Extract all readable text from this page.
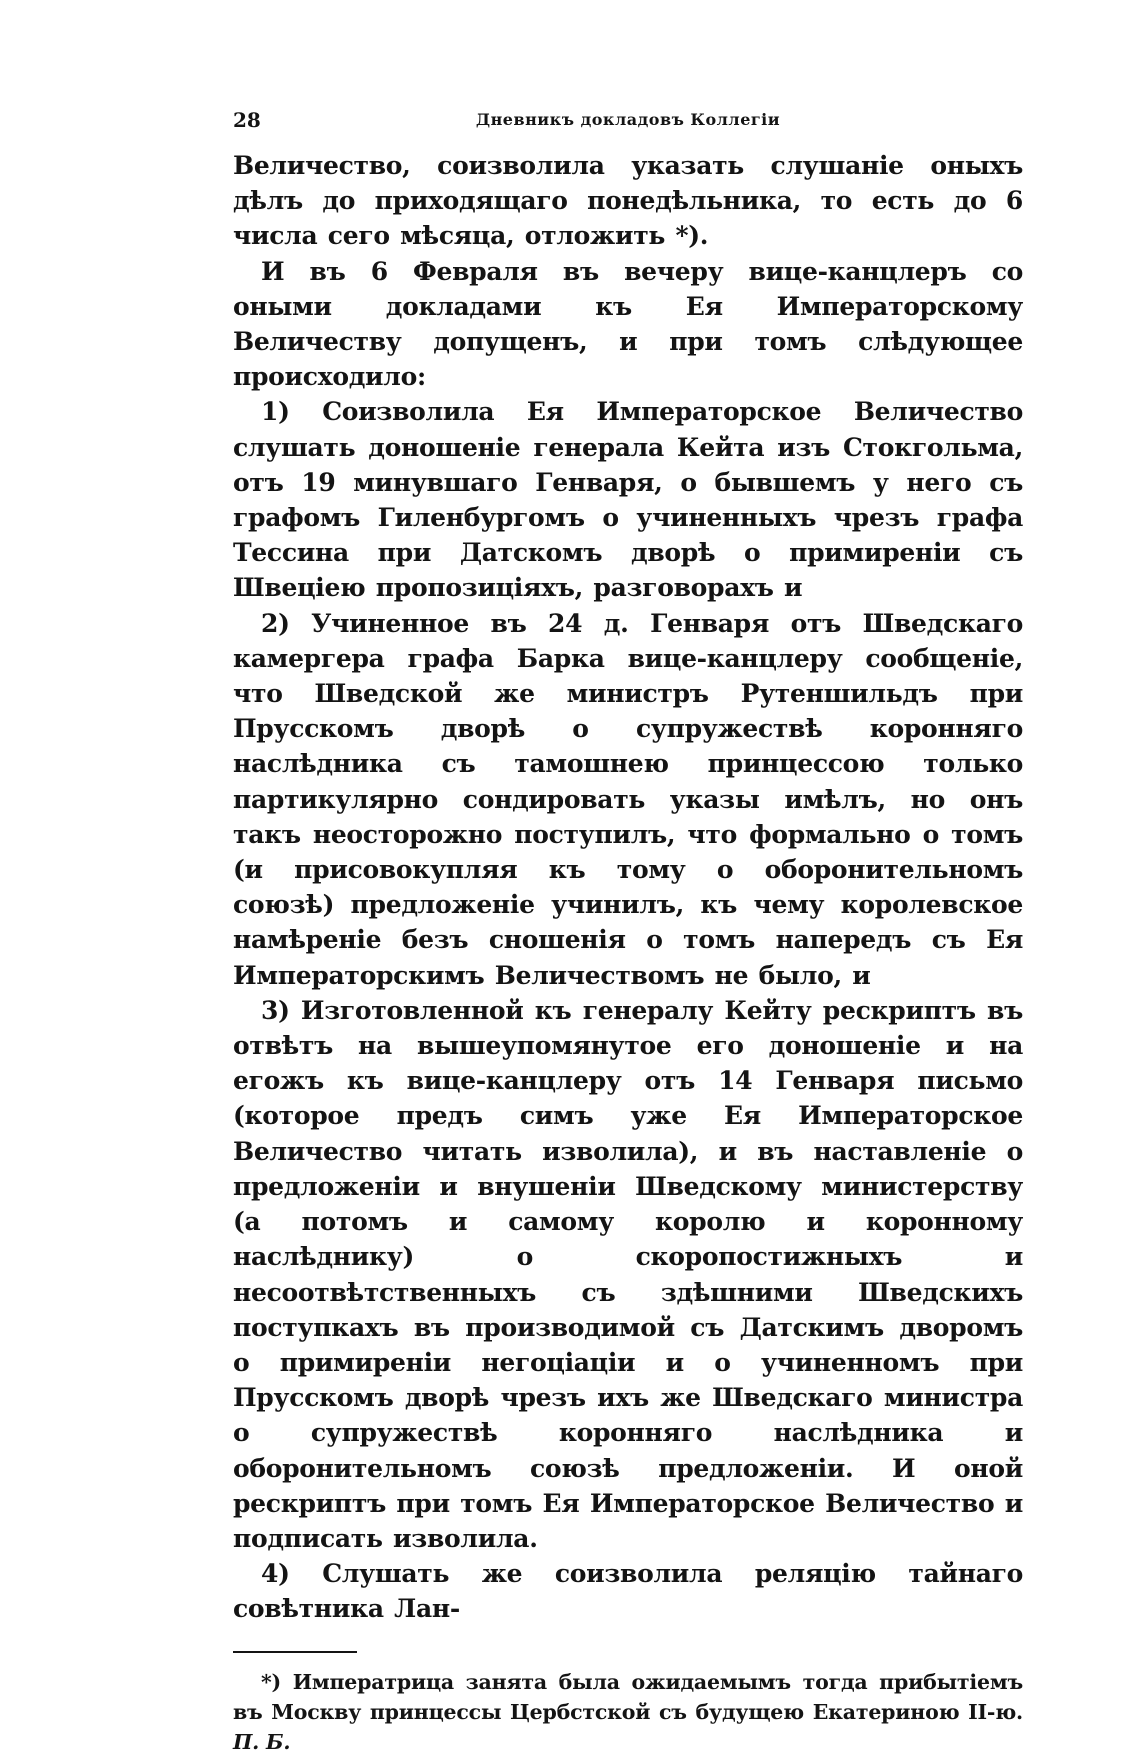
28	Дневникъ докладовъ Коллегіи

Величество, соизволила указать слушаніе оныхъ дѣлъ до приходящаго понедѣльника, то есть до 6 числа сего мѣсяца, отложить *).

И въ 6 Февраля въ вечеру вице-канцлеръ со оными докладами къ Ея Императорскому Величеству допущенъ, и при томъ слѣдующее происходило:

1) Соизволила Ея Императорское Величество слушать доношеніе генерала Кейта изъ Стокгольма, отъ 19 минувшаго Генваря, о бывшемъ у него съ графомъ Гиленбургомъ о учиненныхъ чрезъ графа Тессина при Датскомъ дворѣ о примиреніи съ Швеціею пропозиціяхъ, разговорахъ и

2) Учиненное въ 24 д. Генваря отъ Шведскаго камергера графа Барка вице-канцлеру сообщеніе, что Шведской же министръ Рутеншильдъ при Прусскомъ дворѣ о супружествѣ коронняго наслѣдника съ тамошнею принцессою только партикулярно сондировать указы имѣлъ, но онъ такъ неосторожно поступилъ, что формально о томъ (и присовокупляя къ тому о оборонительномъ союзѣ) предложеніе учинилъ, къ чему королевское намѣреніе безъ сношенія о томъ напередъ съ Ея Императорскимъ Величествомъ не было, и

3) Изготовленной къ генералу Кейту рескриптъ въ отвѣтъ на вышеупомянутое его доношеніе и на егожъ къ вице-канцлеру отъ 14 Генваря письмо (которое предъ симъ уже Ея Императорское Величество читать изволила), и въ наставленіе о предложеніи и внушеніи Шведскому министерству (а потомъ и самому королю и коронному наслѣднику) о скоропостижныхъ и несоотвѣтственныхъ съ здѣшними Шведскихъ поступкахъ въ производимой съ Датскимъ дворомъ о примиреніи негоціаціи и о учиненномъ при Прусскомъ дворѣ чрезъ ихъ же Шведскаго министра о супружествѣ коронняго наслѣдника и оборонительномъ союзѣ предложеніи. И оной рескриптъ при томъ Ея Императорское Величество и подписать изволила.

4) Слушать же соизволила реляцію тайнаго совѣтника Лан-

*) Императрица занята была ожидаемымъ тогда прибытіемъ въ Москву принцессы Цербстской съ будущею Екатериною II-ю. П. Б.
